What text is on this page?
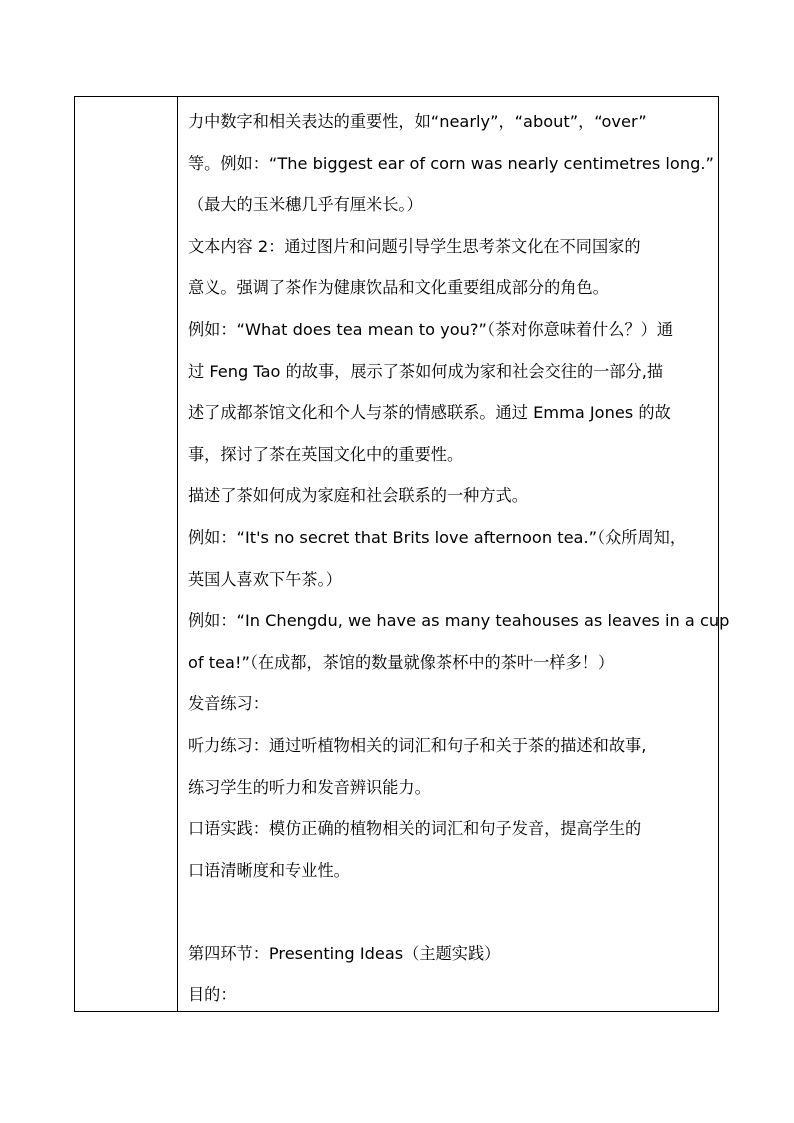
力中数字和相关表达的重要性，如“nearly”，“about”，“over”
等。例如：“The biggest ear of corn was nearly centimetres long.”
（最大的玉米穗几乎有厘米长。）
文本内容 2：通过图片和问题引导学生思考茶文化在不同国家的
意义。强调了茶作为健康饮品和文化重要组成部分的角色。
例如：“What does tea mean to you?”（茶对你意味着什么？）通
过 Feng Tao 的故事，展示了茶如何成为家和社会交往的一部分,描
述了成都茶馆文化和个人与茶的情感联系。通过 Emma Jones 的故
事，探讨了茶在英国文化中的重要性。
描述了茶如何成为家庭和社会联系的一种方式。
例如：“It's no secret that Brits love afternoon tea.”（众所周知，
英国人喜欢下午茶。）
例如：“In Chengdu, we have as many teahouses as leaves in a cup
of tea!”（在成都，茶馆的数量就像茶杯中的茶叶一样多！）
发音练习：
听力练习：通过听植物相关的词汇和句子和关于茶的描述和故事,
练习学生的听力和发音辨识能力。
口语实践：模仿正确的植物相关的词汇和句子发音，提高学生的
口语清晰度和专业性。
第四环节：Presenting Ideas（主题实践）
目的：
